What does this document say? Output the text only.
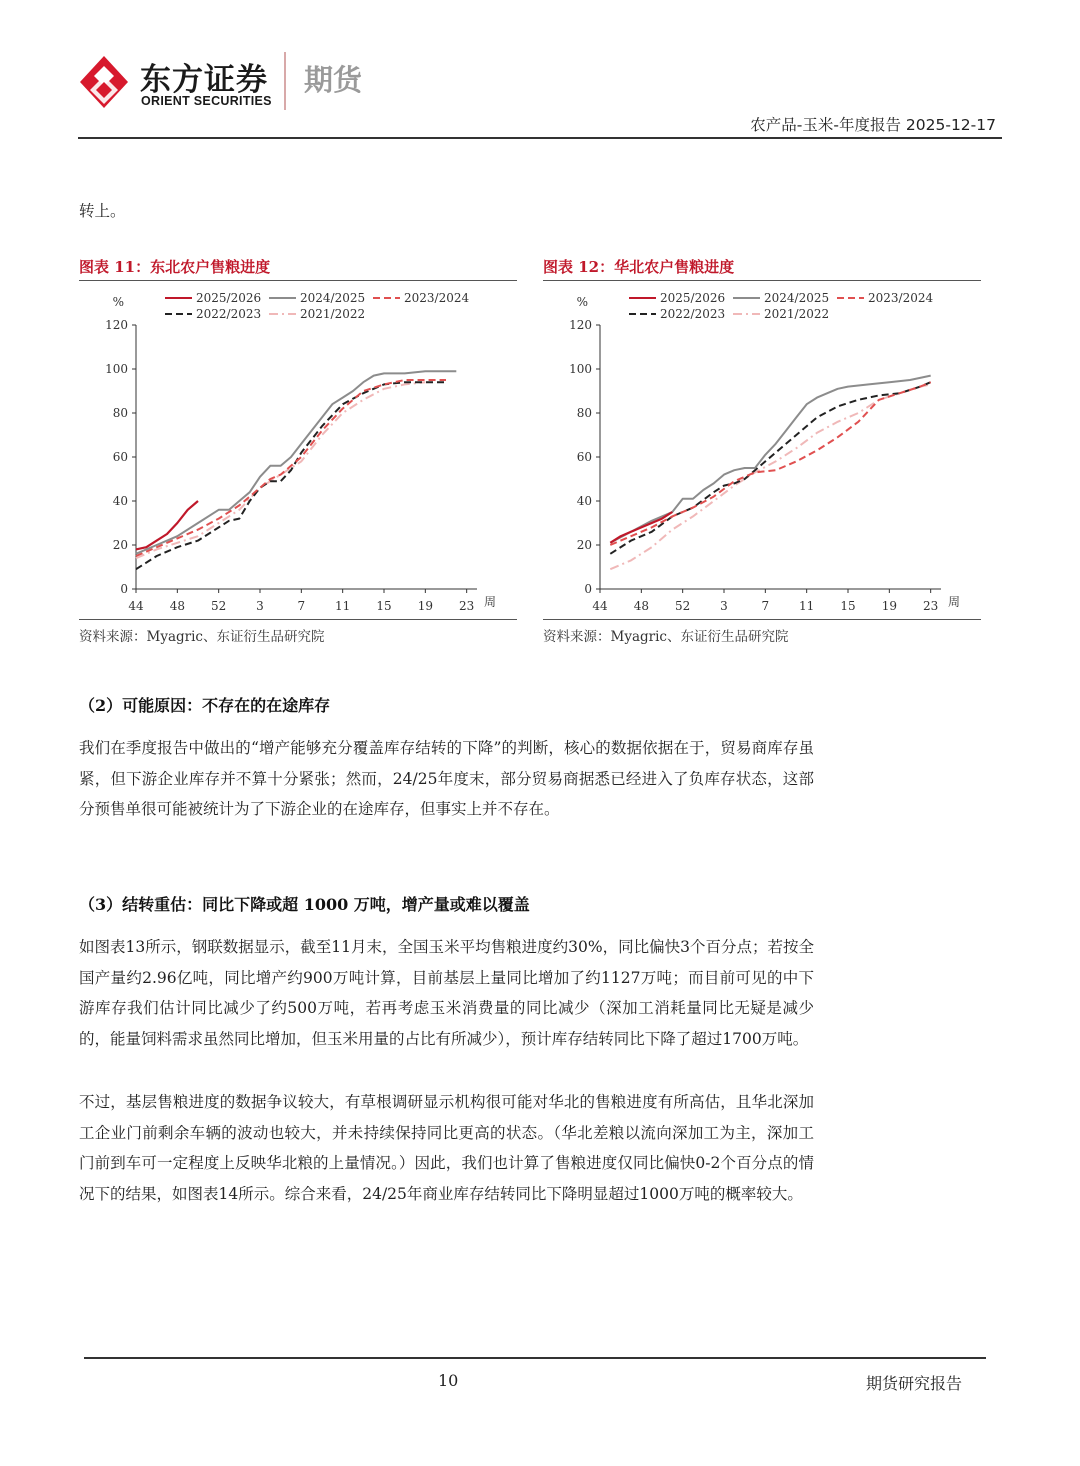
东方证券
ORIENT SECURITIES
期货
农产品-玉米-年度报告 2025-12-17
转上。
图表 11：东北农户售粮进度
0
20
40
60
80
100
120
%
44 48 52 3	7 11 15 19 23 周
2025/2026	2024/2025	2023/2024
2022/2023	2021/2022
资料来源：Myagric、东证衍生品研究院
图表 12：华北农户售粮进度
0
20
40
60
80
100
120
%
44 48 52 3	7 11 15 19 23 周
2025/2026	2024/2025	2023/2024
2022/2023	2021/2022
资料来源：Myagric、东证衍生品研究院
（2）可能原因：不存在的在途库存
我们在季度报告中做出的“增产能够充分覆盖库存结转的下降”的判断，核心的数据依据在于，贸易商库存虽紧，但下游企业库存并不算十分紧张；然而，24/25年度末，部分贸易商据悉已经进入了负库存状态，这部分预售单很可能被统计为了下游企业的在途库存，但事实上并不存在。
（3）结转重估：同比下降或超 1000 万吨，增产量或难以覆盖
如图表13所示，钢联数据显示，截至11月末，全国玉米平均售粮进度约30%，同比偏快3个百分点；若按全国产量约2.96亿吨，同比增产约900万吨计算，目前基层上量同比增加了约1127万吨；而目前可见的中下游库存我们估计同比减少了约500万吨，若再考虑玉米消费量的同比减少（深加工消耗量同比无疑是减少的，能量饲料需求虽然同比增加，但玉米用量的占比有所减少），预计库存结转同比下降了超过1700万吨。
不过，基层售粮进度的数据争议较大，有草根调研显示机构很可能对华北的售粮进度有所高估，且华北深加工企业门前剩余车辆的波动也较大，并未持续保持同比更高的状态。（华北差粮以流向深加工为主，深加工门前到车可一定程度上反映华北粮的上量情况。）因此，我们也计算了售粮进度仅同比偏快0-2个百分点的情况下的结果，如图表14所示。综合来看，24/25年商业库存结转同比下降明显超过1000万吨的概率较大。
10	期货研究报告
